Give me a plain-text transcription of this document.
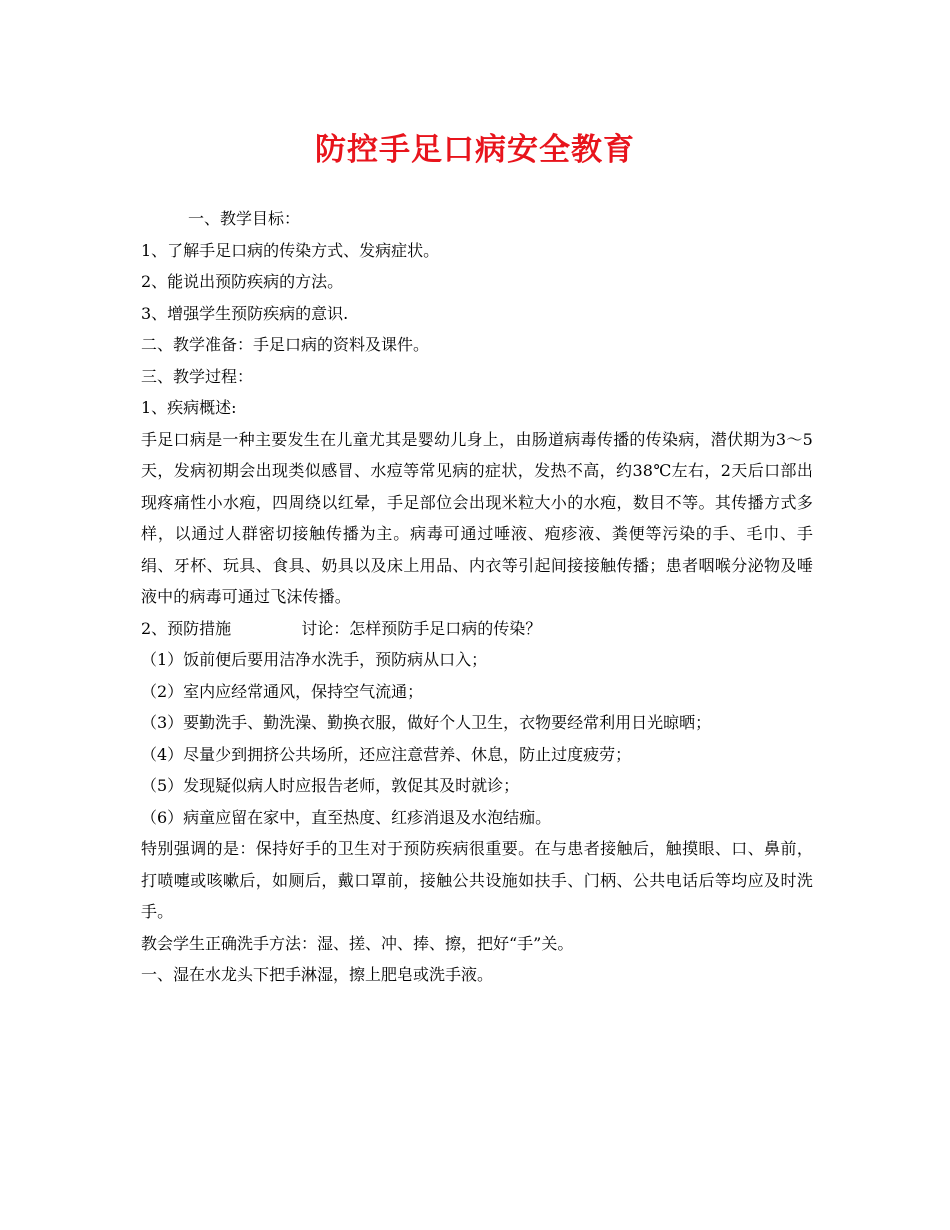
防控手足口病安全教育
一、教学目标：
1、了解手足口病的传染方式、发病症状。
2、能说出预防疾病的方法。
3、增强学生预防疾病的意识.
二、教学准备：手足口病的资料及课件。
三、教学过程：
1、疾病概述:
手足口病是一种主要发生在儿童尤其是婴幼儿身上，由肠道病毒传播的传染病，潜伏期为3～5天，发病初期会出现类似感冒、水痘等常见病的症状，发热不高，约38℃左右，2天后口部出现疼痛性小水疱，四周绕以红晕，手足部位会出现米粒大小的水疱，数目不等。其传播方式多样，以通过人群密切接触传播为主。病毒可通过唾液、疱疹液、粪便等污染的手、毛巾、手绢、牙杯、玩具、食具、奶具以及床上用品、内衣等引起间接接触传播；患者咽喉分泌物及唾液中的病毒可通过飞沫传播。
2、预防措施	讨论：怎样预防手足口病的传染？
（1）饭前便后要用洁净水洗手，预防病从口入；
（2）室内应经常通风，保持空气流通；
（3）要勤洗手、勤洗澡、勤换衣服，做好个人卫生，衣物要经常利用日光晾晒；
（4）尽量少到拥挤公共场所，还应注意营养、休息，防止过度疲劳；
（5）发现疑似病人时应报告老师，敦促其及时就诊；
（6）病童应留在家中，直至热度、红疹消退及水泡结痂。
特别强调的是：保持好手的卫生对于预防疾病很重要。在与患者接触后，触摸眼、口、鼻前，打喷嚏或咳嗽后，如厕后，戴口罩前，接触公共设施如扶手、门柄、公共电话后等均应及时洗手。
教会学生正确洗手方法：湿、搓、冲、捧、擦，把好“手”关。
一、湿在水龙头下把手淋湿，擦上肥皂或洗手液。
